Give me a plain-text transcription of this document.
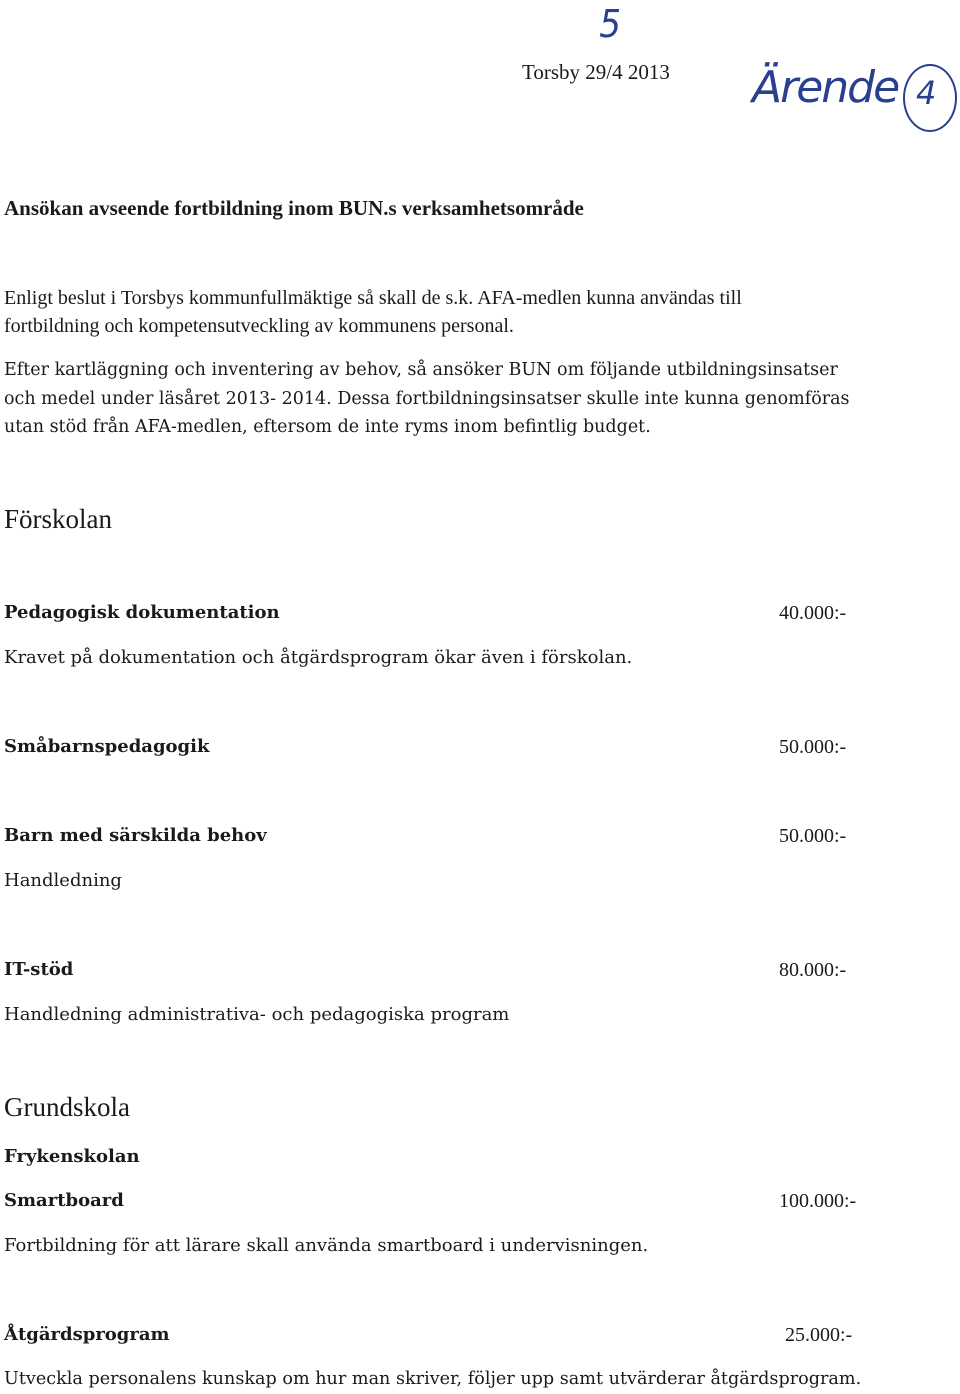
5
Torsby 29/4 2013 Ärende 4
Ansökan avseende fortbildning inom BUN.s verksamhetsområde
Enligt beslut i Torsbys kommunfullmäktige så skall de s.k. AFA-medlen kunna användas till
fortbildning och kompetensutveckling av kommunens personal.
Efter kartläggning och inventering av behov, så ansöker BUN om följande utbildningsinsatser
och medel under läsåret 2013- 2014. Dessa fortbildningsinsatser skulle inte kunna genomföras
utan stöd från AFA-medlen, eftersom de inte ryms inom befintlig budget.
Förskolan
Pedagogisk dokumentation	40.000:-
Kravet på dokumentation och åtgärdsprogram ökar även i förskolan.
Småbarnspedagogik	50.000:-
Barn med särskilda behov	50.000:-
Handledning
IT-stöd	80.000:-
Handledning administrativa- och pedagogiska program
Grundskola
Frykenskolan
Smartboard	100.000:-
Fortbildning för att lärare skall använda smartboard i undervisningen.
Åtgärdsprogram	25.000:-
Utveckla personalens kunskap om hur man skriver, följer upp samt utvärderar åtgärdsprogram.
